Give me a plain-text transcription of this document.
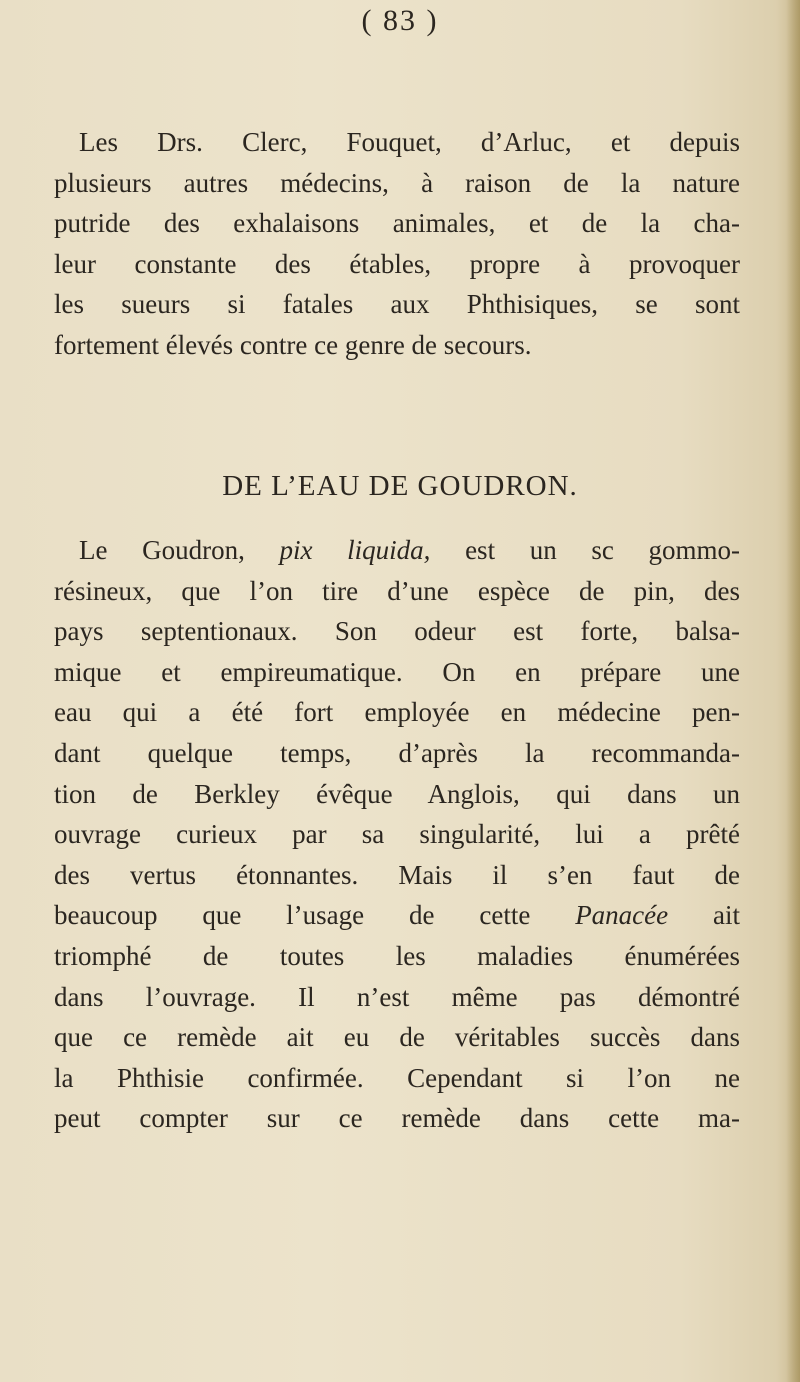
( 83 )
Les Drs. Clerc, Fouquet, d’Arluc, et depuis
plusieurs autres médecins, à raison de la nature
putride des exhalaisons animales, et de la cha-
leur constante des étables, propre à provoquer
les sueurs si fatales aux Phthisiques, se sont
fortement élevés contre ce genre de secours.
DE L’EAU DE GOUDRON.
Le Goudron, pix liquida, est un sc gommo-
résineux, que l’on tire d’une espèce de pin, des
pays septentionaux. Son odeur est forte, balsa-
mique et empireumatique. On en prépare une
eau qui a été fort employée en médecine pen-
dant quelque temps, d’après la recommanda-
tion de Berkley évêque Anglois, qui dans un
ouvrage curieux par sa singularité, lui a prêté
des vertus étonnantes. Mais il s’en faut de
beaucoup que l’usage de cette Panacée ait
triomphé de toutes les maladies énumérées
dans l’ouvrage. Il n’est même pas démontré
que ce remède ait eu de véritables succès dans
la Phthisie confirmée. Cependant si l’on ne
peut compter sur ce remède dans cette ma-
